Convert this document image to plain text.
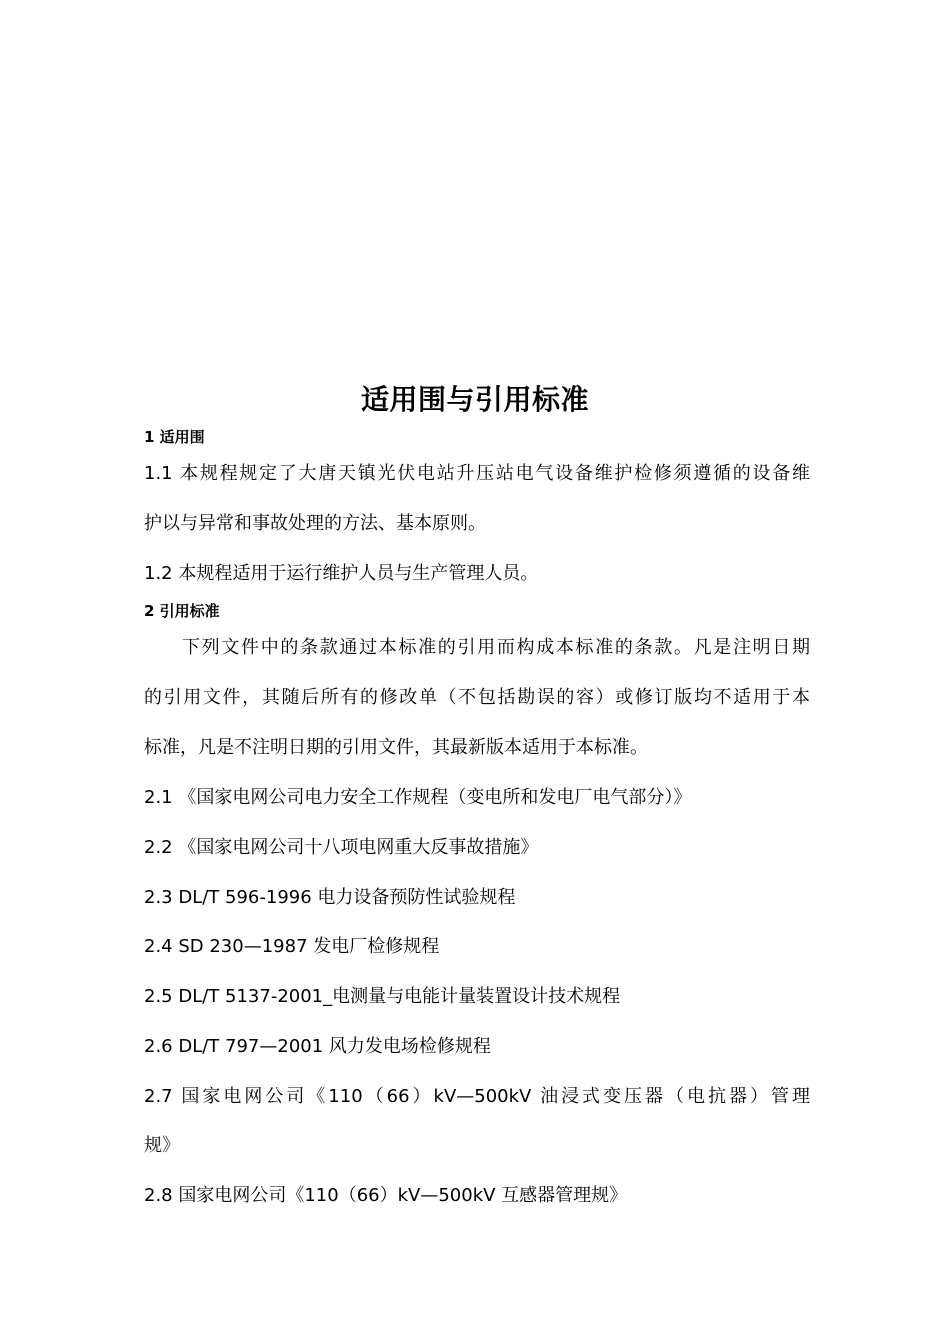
适用围与引用标准
1 适用围
1.1 本规程规定了大唐天镇光伏电站升压站电气设备维护检修须遵循的设备维
护以与异常和事故处理的方法、基本原则。
1.2 本规程适用于运行维护人员与生产管理人员。
2 引用标准
下列文件中的条款通过本标准的引用而构成本标准的条款。凡是注明日期
的引用文件，其随后所有的修改单（不包括勘误的容）或修订版均不适用于本
标准，凡是不注明日期的引用文件，其最新版本适用于本标准。
2.1 《国家电网公司电力安全工作规程（变电所和发电厂电气部分）》
2.2 《国家电网公司十八项电网重大反事故措施》
2.3 DL/T 596-1996 电力设备预防性试验规程
2.4 SD 230—1987 发电厂检修规程
2.5 DL/T 5137-2001_电测量与电能计量装置设计技术规程
2.6 DL/T 797—2001 风力发电场检修规程
2.7 国家电网公司《110（66）kV—500kV 油浸式变压器（电抗器）管理
规》
2.8 国家电网公司《110（66）kV—500kV 互感器管理规》
